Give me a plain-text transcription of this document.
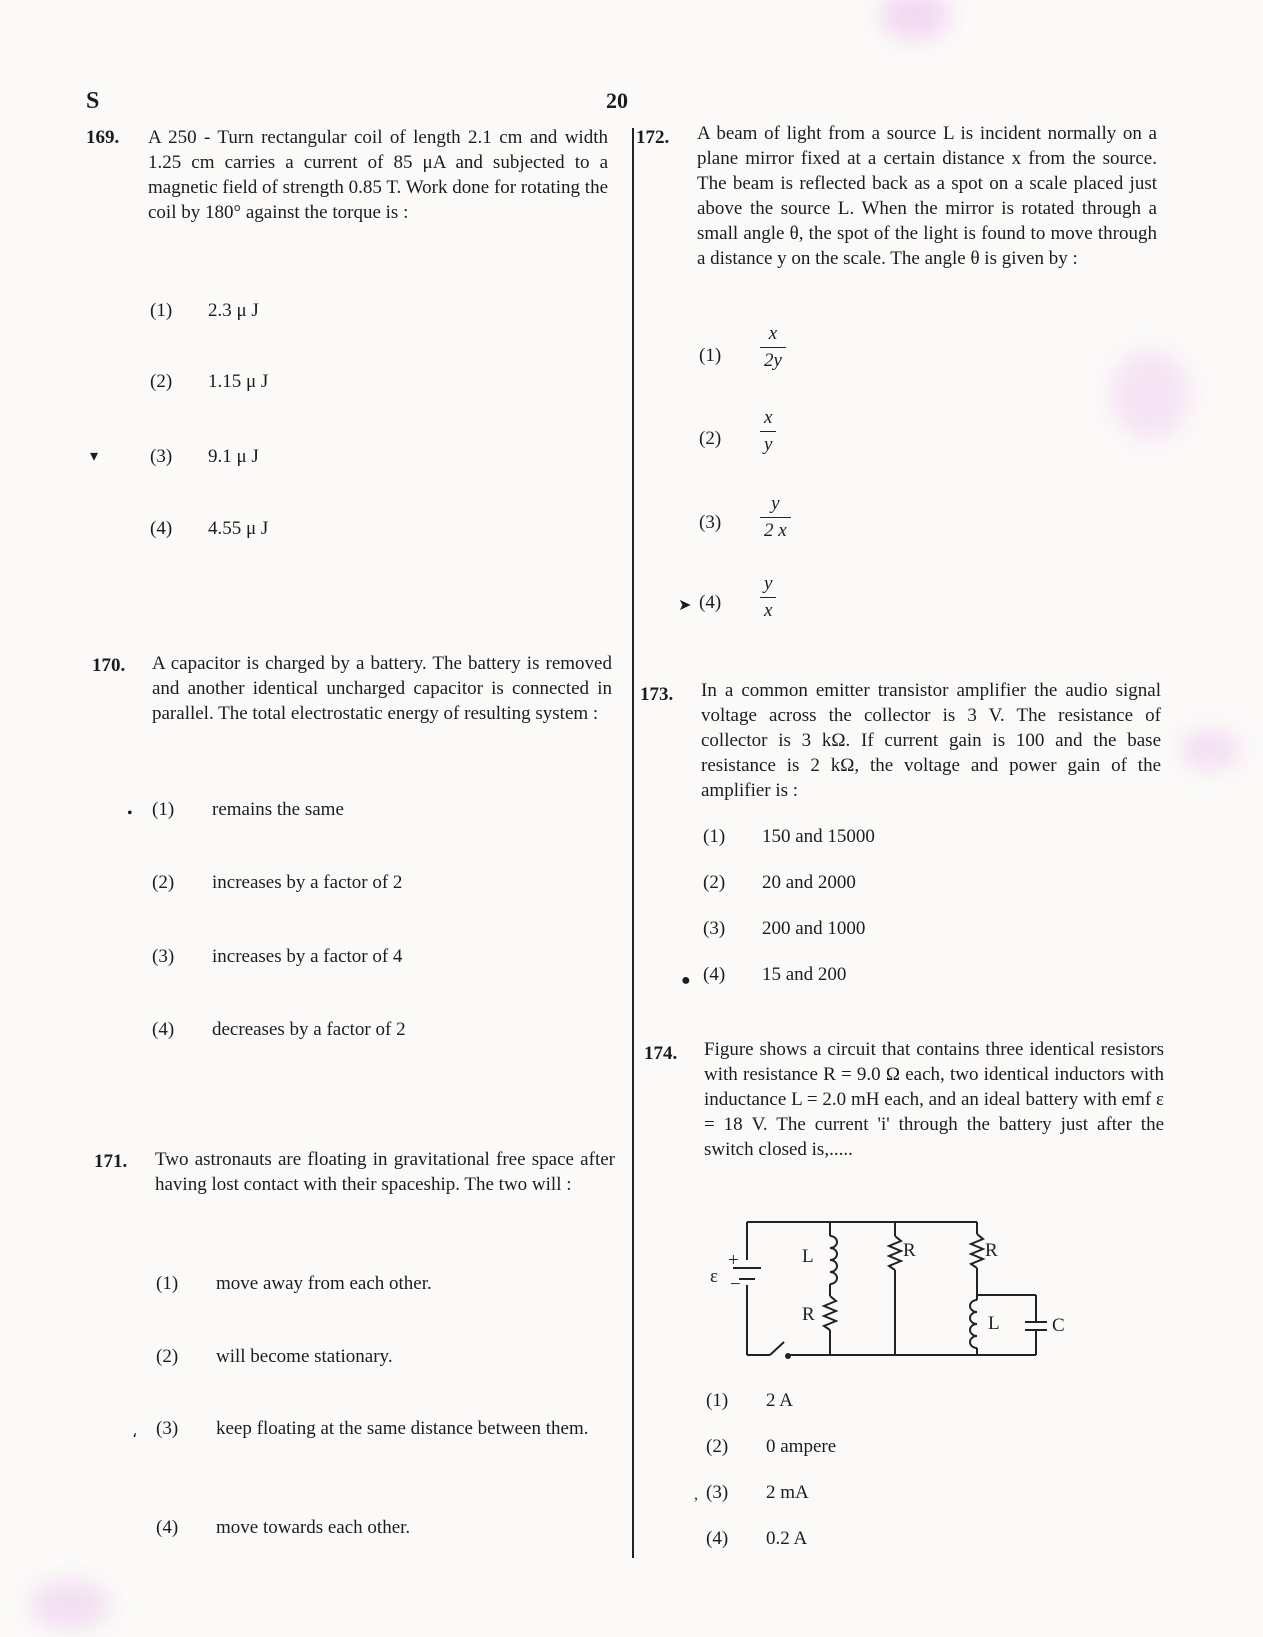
S	20
169. A 250 - Turn rectangular coil of length 2.1 cm and width 1.25 cm carries a current of 85 μA and subjected to a magnetic field of strength 0.85 T. Work done for rotating the coil by 180° against the torque is :
(1) 2.3 μ J
(2) 1.15 μ J
▾	(3) 9.1 μ J
(4) 4.55 μ J
170. A capacitor is charged by a battery. The battery is removed and another identical uncharged capacitor is connected in parallel. The total electrostatic energy of resulting system :
• (1) remains the same
(2) increases by a factor of 2
(3) increases by a factor of 4
(4) decreases by a factor of 2
171. Two astronauts are floating in gravitational free space after having lost contact with their spaceship. The two will :
(1) move away from each other.
(2) will become stationary.
، (3) keep floating at the same distance between them.
(4) move towards each other.
172. A beam of light from a source L is incident normally on a plane mirror fixed at a certain distance x from the source. The beam is reflected back as a spot on a scale placed just above the source L. When the mirror is rotated through a small angle θ, the spot of the light is found to move through a distance y on the scale. The angle θ is given by :
(1)
x
2y
(2)
x
y
(3)
y
2 x
➤ (4)
y
x
173. In a common emitter transistor amplifier the audio signal voltage across the collector is 3 V. The resistance of collector is 3 kΩ. If current gain is 100 and the base resistance is 2 kΩ, the voltage and power gain of the amplifier is :
(1) 150 and 15000
(2) 20 and 2000
(3) 200 and 1000
● (4) 15 and 200
174. Figure shows a circuit that contains three identical resistors with resistance R = 9.0 Ω each, two identical inductors with inductance L = 2.0 mH each, and an ideal battery with emf ε = 18 V. The current 'i' through the battery just after the switch closed is,.....
+
−
ε
L
R
R	R
L	C
(1) 2 A
(2) 0 ampere
, (3) 2 mA
(4) 0.2 A
